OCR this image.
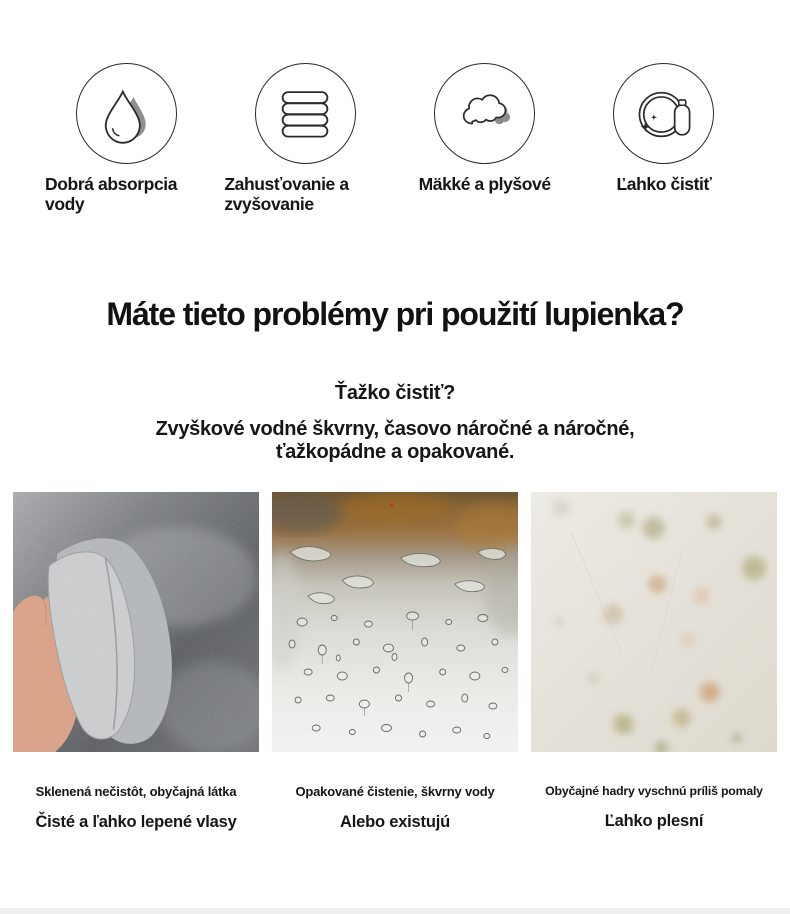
Dobrá absorpcia vody
Zahusťovanie a zvyšovanie
Mäkké a plyšové	Ľahko čistiť
Máte tieto problémy pri použití lupienka?
Ťažko čistiť?
Zvyškové vodné škvrny, časovo náročné a náročné, ťažkopádne a opakované.
Sklenená nečistôt, obyčajná látka
Čisté a ľahko lepené vlasy
Opakované čistenie, škvrny vody
Alebo existujú
Obyčajné hadry vyschnú príliš pomaly
Ľahko plesní
